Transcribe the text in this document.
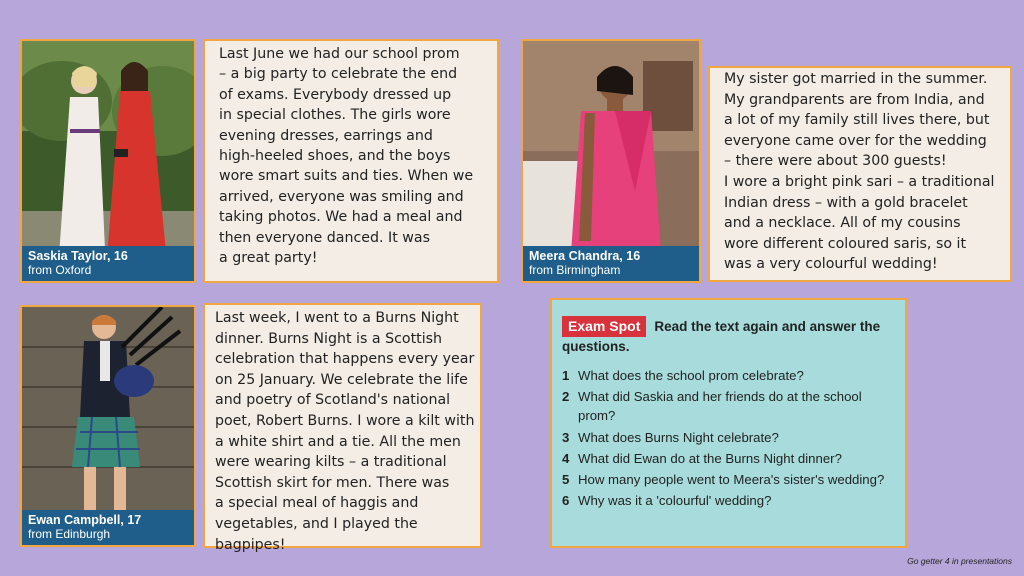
Saskia Taylor, 16
from Oxford

Last June we had our school prom
– a big party to celebrate the end
of exams. Everybody dressed up
in special clothes. The girls wore
evening dresses, earrings and
high-heeled shoes, and the boys
wore smart suits and ties. When we
arrived, everyone was smiling and
taking photos. We had a meal and
then everyone danced. It was
a great party!	Meera Chandra, 16
from Birmingham

My sister got married in the summer.
My grandparents are from India, and
a lot of my family still lives there, but
everyone came over for the wedding
– there were about 300 guests!
I wore a bright pink sari – a traditional
Indian dress – with a gold bracelet
and a necklace. All of my cousins
wore different coloured saris, so it
was a very colourful wedding!

Ewan Campbell, 17
from Edinburgh

Last week, I went to a Burns Night
dinner. Burns Night is a Scottish
celebration that happens every year
on 25 January. We celebrate the life
and poetry of Scotland's national
poet, Robert Burns. I wore a kilt with
a white shirt and a tie. All the men
were wearing kilts – a traditional
Scottish skirt for men. There was
a special meal of haggis and
vegetables, and I played the bagpipes!

Exam Spot Read the text again and answer the questions.
1 What does the school prom celebrate?
2 What did Saskia and her friends do at the school prom?
3 What does Burns Night celebrate?
4 What did Ewan do at the Burns Night dinner?
5 How many people went to Meera's sister's wedding?
6 Why was it a 'colourful' wedding?
Go getter 4 in presentations
